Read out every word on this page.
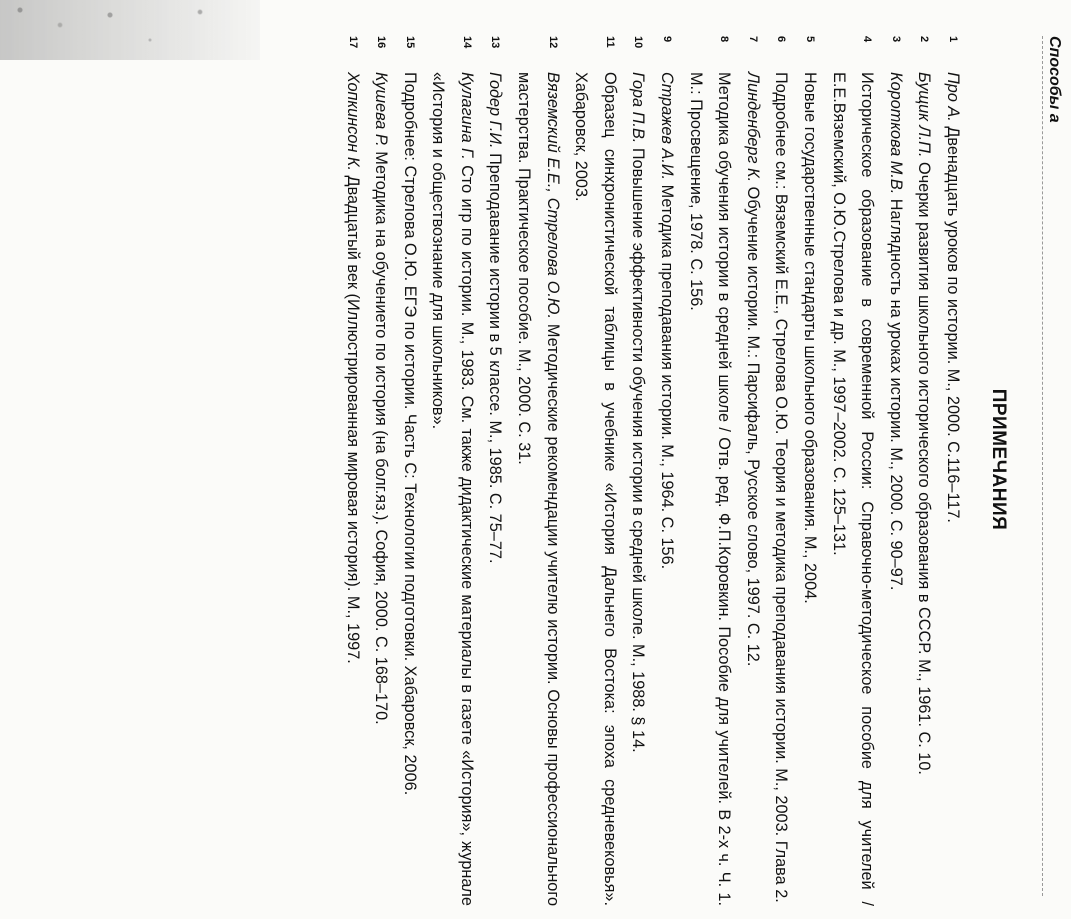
Способы а
ПРИМЕЧАНИЯ
1
Про А. Двенадцать уроков по истории. М., 2000. С.116–117.
2
Бущик Л.П. Очерки развития школьного исторического образования в СССР. М., 1961. С. 10.
3
Короткова М.В. Наглядность на уроках истории. М., 2000. С. 90–97.
4
Историческое образование в современной России: Справочно-методическое пособие для учителей / Е.Е.Вяземский, О.Ю.Стрелова и др. М., 1997–2002. С. 125–131.
5
Новые государственные стандарты школьного образования. М., 2004.
6
Подробнее см.: Вяземский Е.Е., Стрелова О.Ю. Теория и методика преподавания истории. М., 2003. Глава 2.
7
Линденберг К. Обучение истории. М.: Парсифаль, Русское слово, 1997. С. 12.
8
Методика обучения истории в средней школе / Отв. ред. Ф.П.Коровкин. Пособие для учителей. В 2-х ч. Ч. 1. М.: Просвещение, 1978. С. 156.
9
Стражев А.И. Методика преподавания истории. М., 1964. С. 156.
10
Гора П.В. Повышение эффективности обучения истории в средней школе. М., 1988. § 14.
11
Образец синхронистической таблицы в учебнике «История Дальнего Востока: эпоха средневековья». Хабаровск, 2003.
12
Вяземский Е.Е., Стрелова О.Ю. Методические рекомендации учителю истории. Основы профессионального мастерства. Практическое пособие. М., 2000. С. 31.
13
Годер Г.И. Преподавание истории в 5 классе. М., 1985. С. 75–77.
14
Кулагина Г. Сто игр по истории. М., 1983. См. также дидактические материалы в газете «История», журнале «История и обществознание для школьников».
15
Подробнее: Стрелова О.Ю. ЕГЭ по истории. Часть С: Технологии подготовки. Хабаровск, 2006.
16
Кушева Р. Методика на обучението по история (на болг.яз.). София, 2000. С. 168–170.
17
Хопкинсон К. Двадцатый век (Иллюстрированная мировая история). М., 1997.
